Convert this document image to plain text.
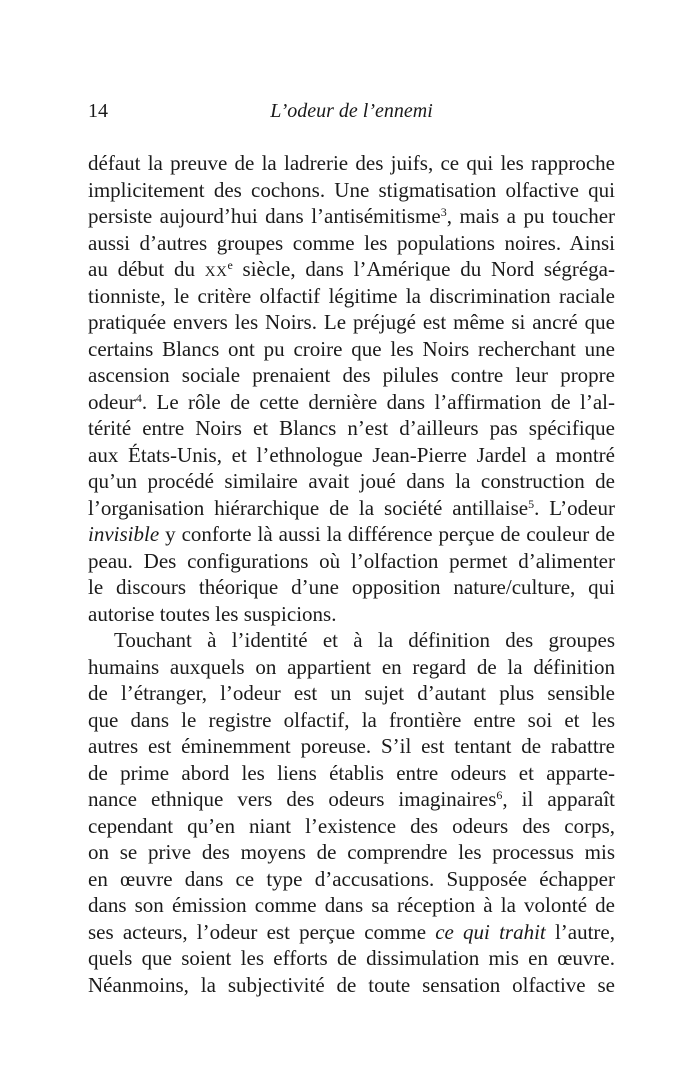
14	L’odeur de l’ennemi
défaut la preuve de la ladrerie des juifs, ce qui les rapproche
implicitement des cochons. Une stigmatisation olfactive qui
persiste aujourd’hui dans l’antisémitisme$^3$, mais a pu toucher
aussi d’autres groupes comme les populations noires. Ainsi
au début du $xx^e$ siècle, dans l’Amérique du Nord ségréga-
tionniste, le critère olfactif légitime la discrimination raciale
pratiquée envers les Noirs. Le préjugé est même si ancré que
certains Blancs ont pu croire que les Noirs recherchant une
ascension sociale prenaient des pilules contre leur propre
odeur$^4$. Le rôle de cette dernière dans l’affirmation de l’al-
térité entre Noirs et Blancs n’est d’ailleurs pas spécifique
aux États-Unis, et l’ethnologue Jean-Pierre Jardel a montré
qu’un procédé similaire avait joué dans la construction de
l’organisation hiérarchique de la société antillaise$^5$. L’odeur
invisible y conforte là aussi la différence perçue de couleur de
peau. Des configurations où l’olfaction permet d’alimenter
le discours théorique d’une opposition nature/culture, qui
autorise toutes les suspicions.
Touchant à l’identité et à la définition des groupes
humains auxquels on appartient en regard de la définition
de l’étranger, l’odeur est un sujet d’autant plus sensible
que dans le registre olfactif, la frontière entre soi et les
autres est éminemment poreuse. S’il est tentant de rabattre
de prime abord les liens établis entre odeurs et apparte-
nance ethnique vers des odeurs imaginaires$^6$, il apparaît
cependant qu’en niant l’existence des odeurs des corps,
on se prive des moyens de comprendre les processus mis
en œuvre dans ce type d’accusations. Supposée échapper
dans son émission comme dans sa réception à la volonté de
ses acteurs, l’odeur est perçue comme ce qui trahit l’autre,
quels que soient les efforts de dissimulation mis en œuvre.
Néanmoins, la subjectivité de toute sensation olfactive se
